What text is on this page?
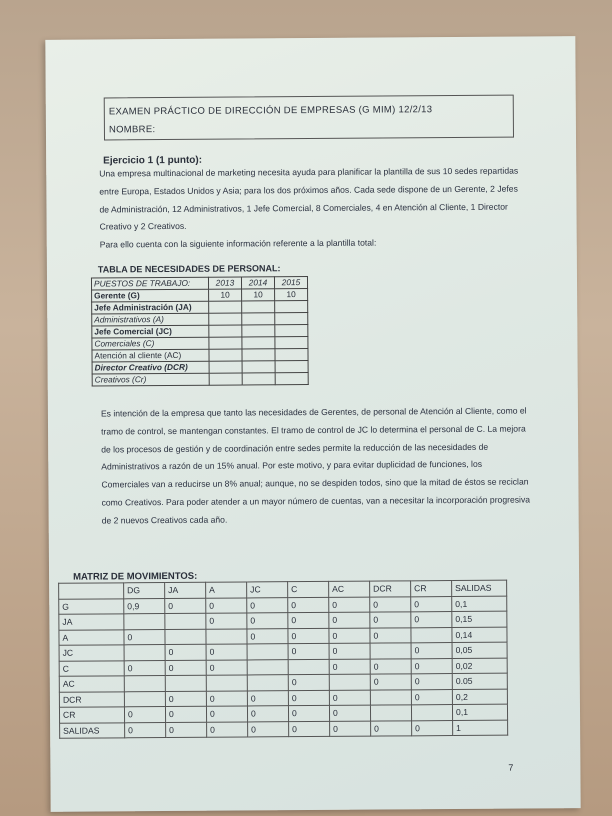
EXAMEN PRÁCTICO DE DIRECCIÓN DE EMPRESAS (G MIM) 12/2/13
NOMBRE:
Ejercicio 1 (1 punto):
Una empresa multinacional de marketing necesita ayuda para planificar la plantilla de sus 10 sedes repartidas entre Europa, Estados Unidos y Asia; para los dos próximos años. Cada sede dispone de un Gerente, 2 Jefes de Administración, 12 Administrativos, 1 Jefe Comercial, 8 Comerciales, 4 en Atención al Cliente, 1 Director Creativo y 2 Creativos.
Para ello cuenta con la siguiente información referente a la plantilla total:
TABLA DE NECESIDADES DE PERSONAL:
PUESTOS DE TRABAJO:	2013	2014	2015
Gerente (G)	10	10	10
Jefe Administración (JA)			
Administrativos (A)			
Jefe Comercial (JC)			
Comerciales (C)			
Atención al cliente (AC)			
Director Creativo (DCR)			
Creativos (Cr)			
Es intención de la empresa que tanto las necesidades de Gerentes, de personal de Atención al Cliente, como el tramo de control, se mantengan constantes. El tramo de control de JC lo determina el personal de C. La mejora de los procesos de gestión y de coordinación entre sedes permite la reducción de las necesidades de Administrativos a razón de un 15% anual. Por este motivo, y para evitar duplicidad de funciones, los Comerciales van a reducirse un 8% anual; aunque, no se despiden todos, sino que la mitad de éstos se reciclan como Creativos. Para poder atender a un mayor número de cuentas, van a necesitar la incorporación progresiva de 2 nuevos Creativos cada año.
MATRIZ DE MOVIMIENTOS:
	DG	JA	A	JC	C	AC	DCR	CR	SALIDAS
G	0,9	0	0	0	0	0	0	0	0,1
JA			0	0	0	0	0	0	0,15
A	0			0	0	0	0		0,14
JC		0	0		0	0		0	0,05
C	0	0	0			0	0	0	0,02
AC					0		0	0	0.05
DCR		0	0	0	0	0		0	0,2
CR	0	0	0	0	0	0			0,1
SALIDAS	0	0	0	0	0	0	0	0	1
7
